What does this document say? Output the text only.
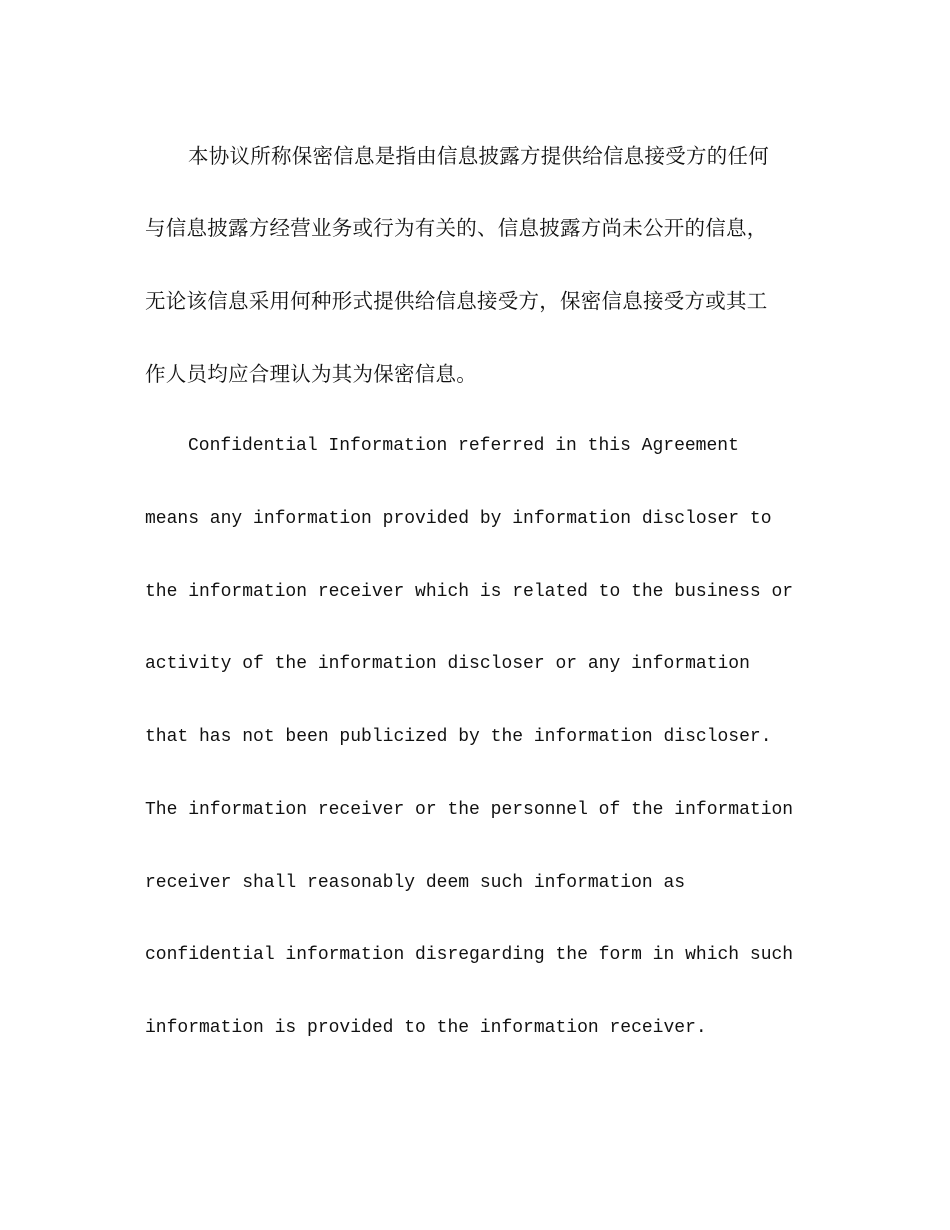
本协议所称保密信息是指由信息披露方提供给信息接受方的任何
与信息披露方经营业务或行为有关的、信息披露方尚未公开的信息，
无论该信息采用何种形式提供给信息接受方，保密信息接受方或其工
作人员均应合理认为其为保密信息。
Confidential Information referred in this Agreement
means any information provided by information discloser to
the information receiver which is related to the business or
activity of the information discloser or any information
that has not been publicized by the information discloser.
The information receiver or the personnel of the information
receiver shall reasonably deem such information as
confidential information disregarding the form in which such
information is provided to the information receiver.
